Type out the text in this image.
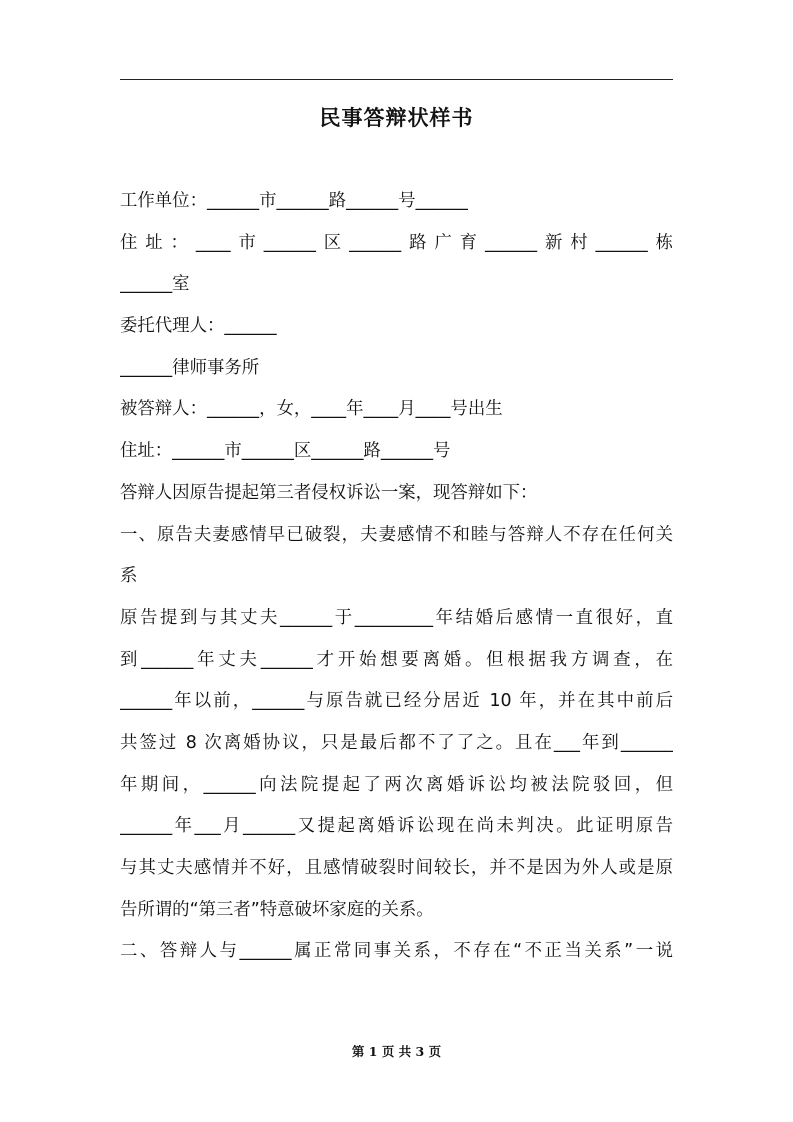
民事答辩状样书
工作单位：______市______路______号______
住址：____市______区______路广育______新村______栋
______室
委托代理人：______
______律师事务所
被答辩人：______，女，____年____月____号出生
住址：______市______区______路______号
答辩人因原告提起第三者侵权诉讼一案，现答辩如下：
一、原告夫妻感情早已破裂，夫妻感情不和睦与答辩人不存在任何关
系
原告提到与其丈夫______于_________年结婚后感情一直很好，直
到______年丈夫______才开始想要离婚。但根据我方调查，在
______年以前，______与原告就已经分居近 10 年，并在其中前后
共签过 8 次离婚协议，只是最后都不了了之。且在___年到______
年期间，______向法院提起了两次离婚诉讼均被法院驳回，但
______年___月______又提起离婚诉讼现在尚未判决。此证明原告
与其丈夫感情并不好，且感情破裂时间较长，并不是因为外人或是原
告所谓的“第三者”特意破坏家庭的关系。
二、答辩人与______属正常同事关系，不存在“不正当关系”一说
第 1 页 共 3 页
